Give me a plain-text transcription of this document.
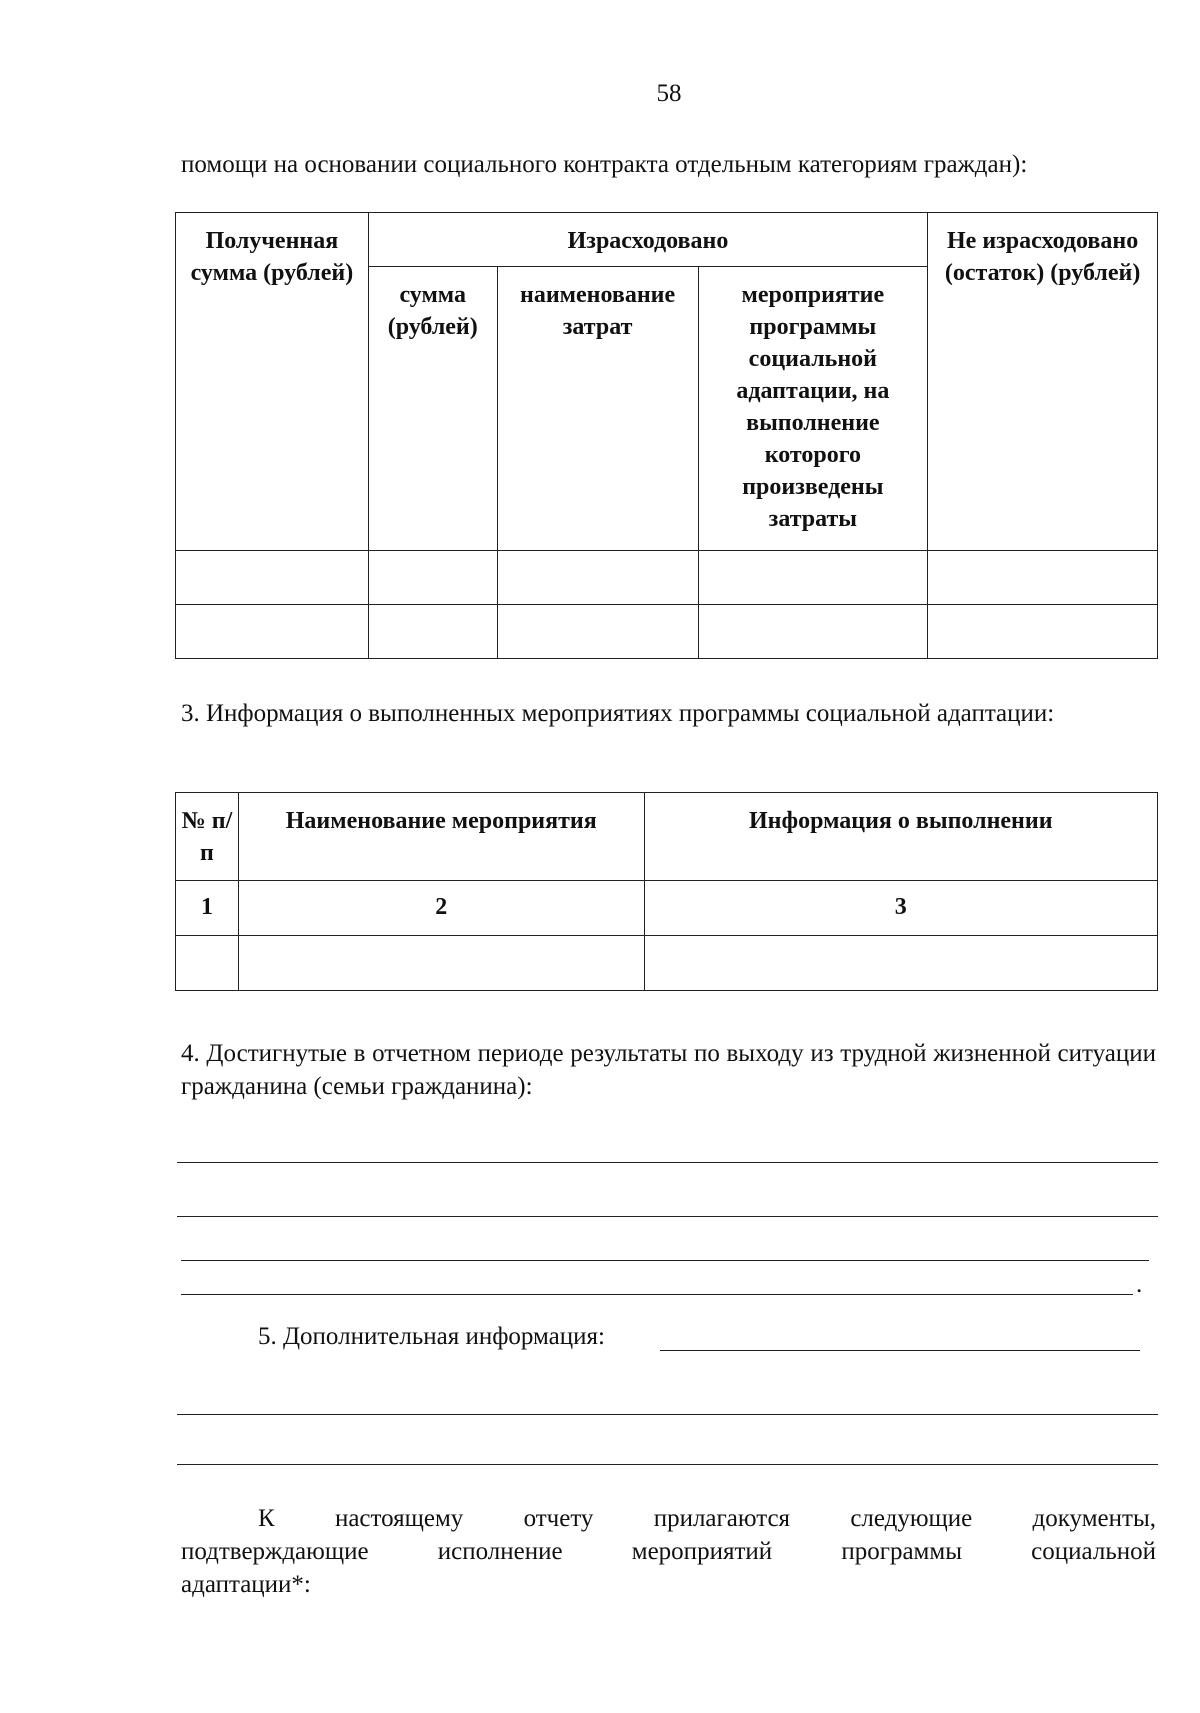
58
помощи на основании социального контракта отдельным категориям граждан):
Полученная сумма (рублей)	Израсходовано			Не израсходовано (остаток) (рублей)
	сумма (рублей)	наименование затрат	мероприятие программы социальной адаптации, на выполнение которого произведены затраты	

3. Информация о выполненных мероприятиях программы социальной адаптации:
№ п/п	Наименование мероприятия	Информация о выполнении
1	2	3

4. Достигнутые в отчетном периоде результаты по выходу из трудной жизненной ситуации гражданина (семьи гражданина):
.
5. Дополнительная информация:
К настоящему отчету прилагаются следующие документы,
подтверждающие исполнение мероприятий программы социальной
адаптации*:
